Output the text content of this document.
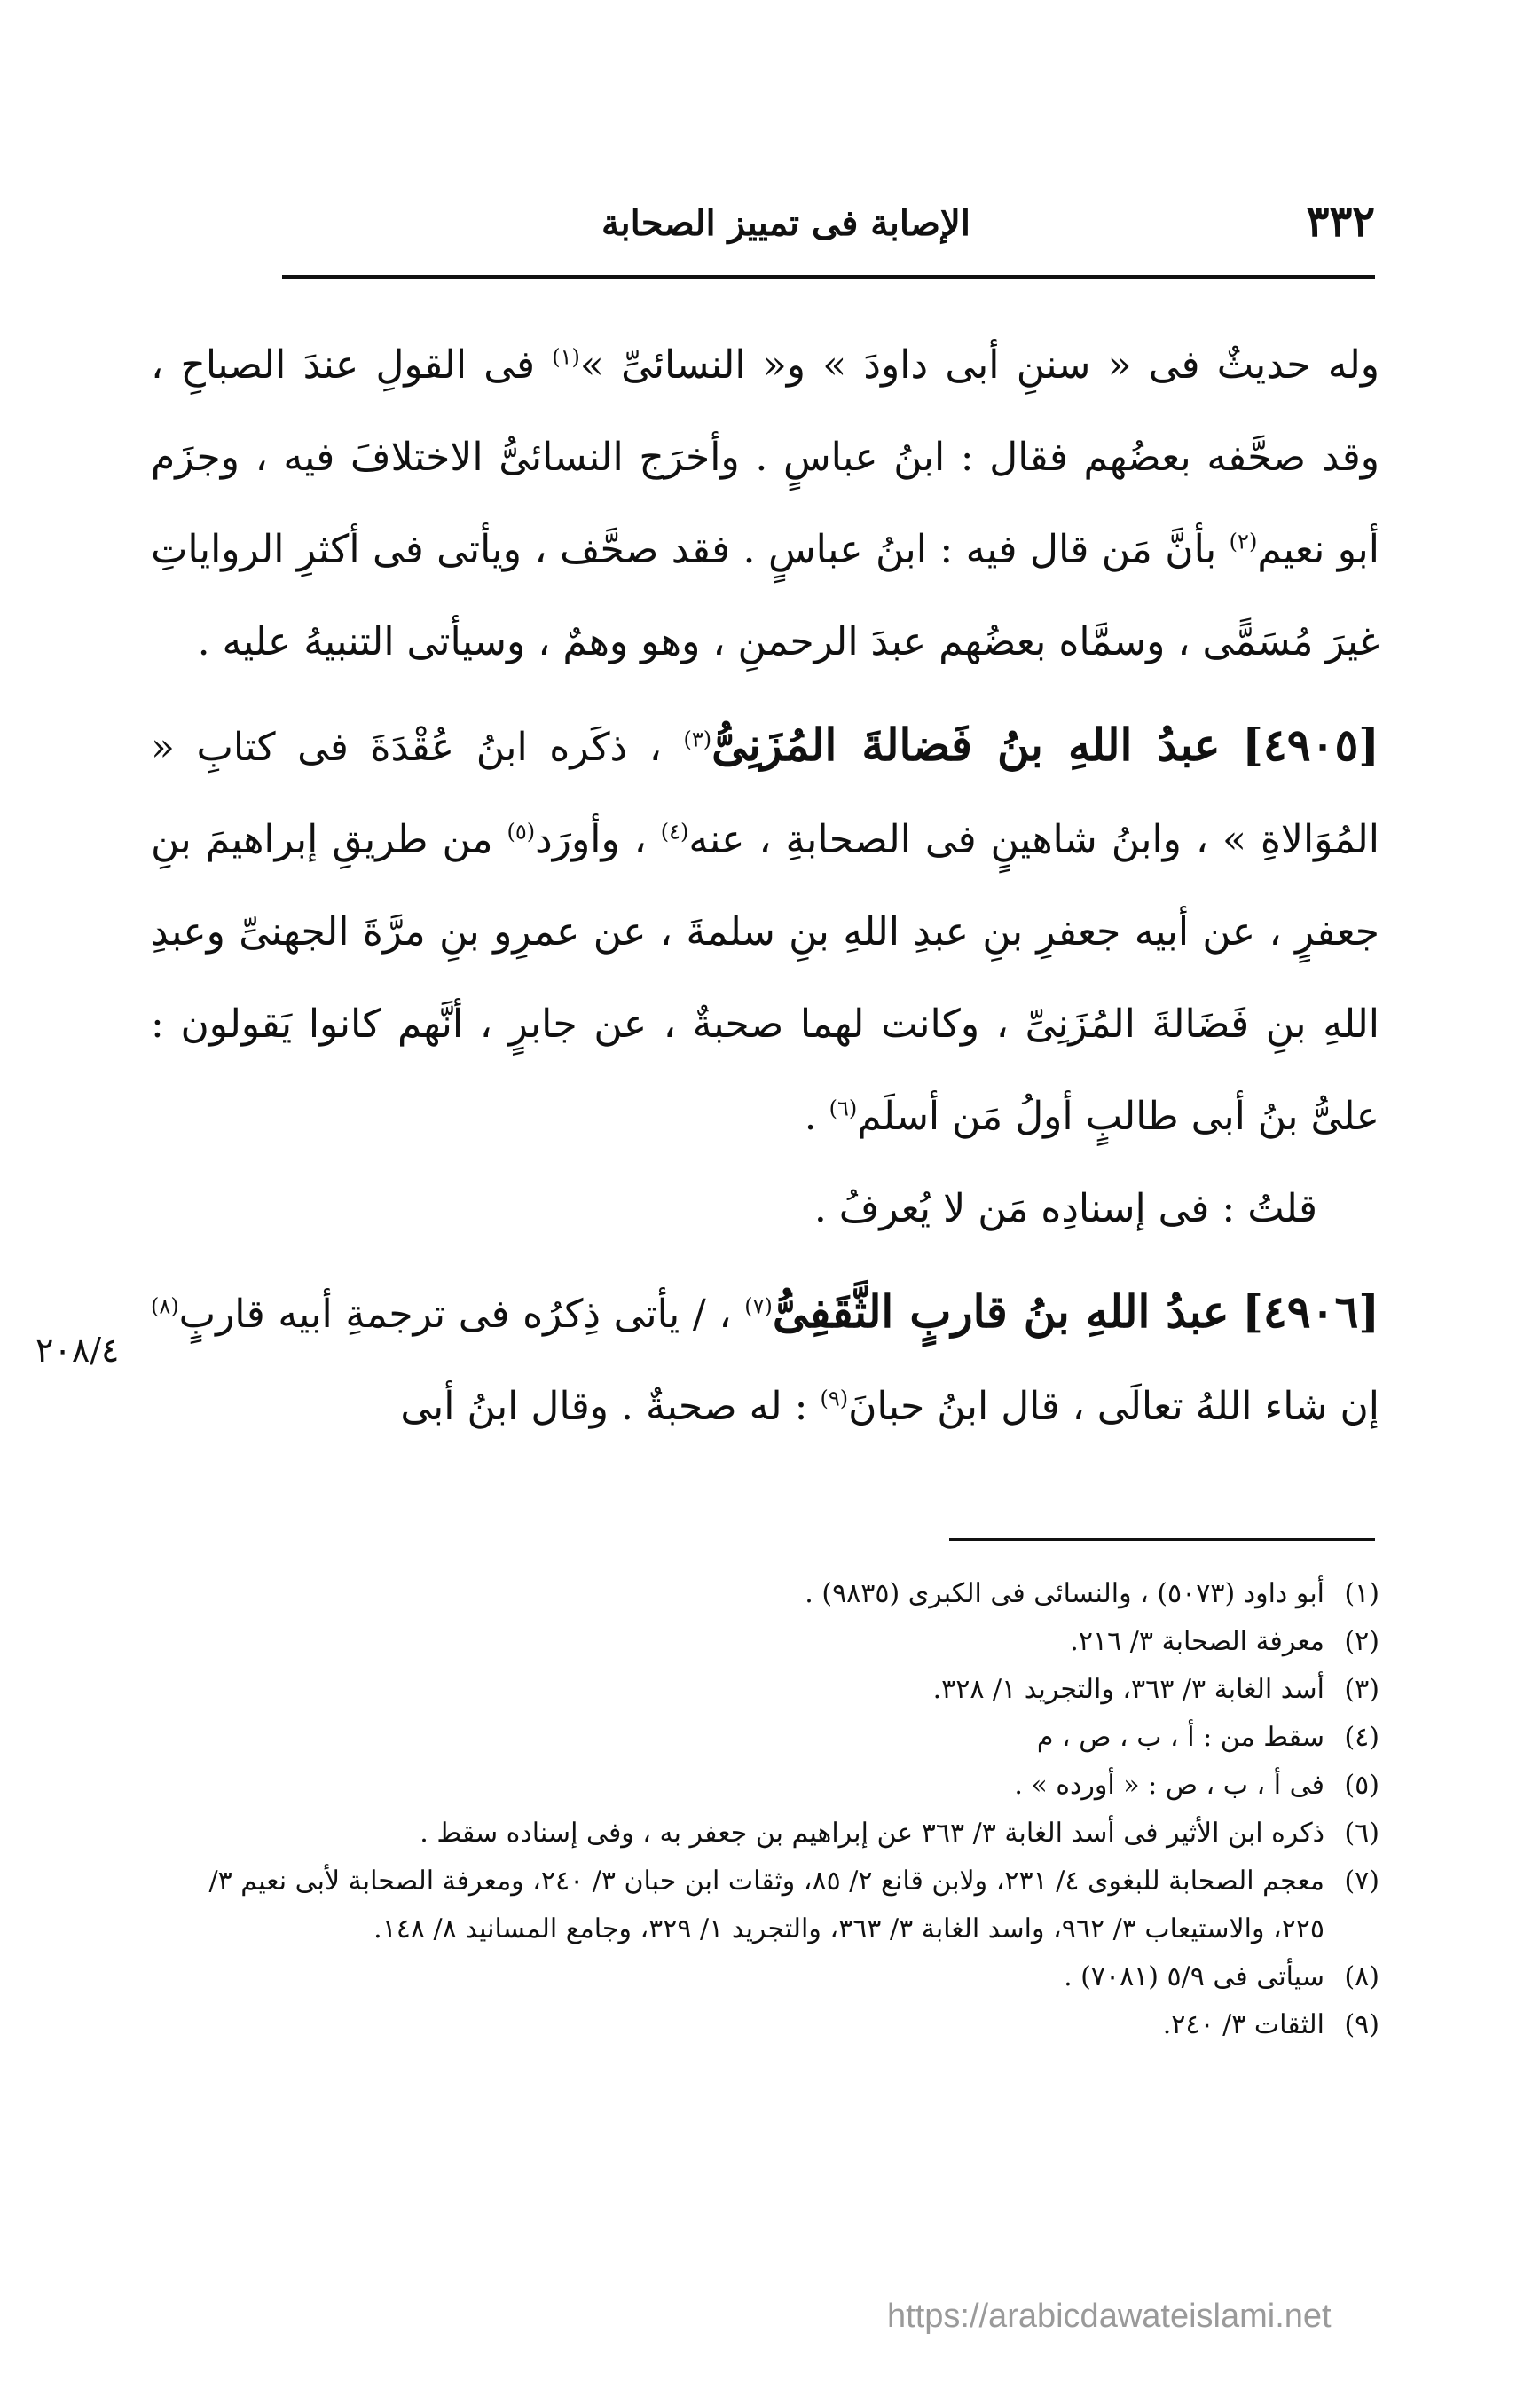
٣٣٢
الإصابة فى تمييز الصحابة

وله حديثٌ فى « سننِ أبى داودَ » و« النسائىِّ »$^{(١)}$ فى القولِ عندَ الصباحِ ، وقد صحَّفه بعضُهم فقال : ابنُ عباسٍ . وأخرَج النسائىُّ الاختلافَ فيه ، وجزَم أبو نعيم$^{(٢)}$ بأنَّ مَن قال فيه : ابنُ عباسٍ . فقد صحَّف ، ويأتى فى أكثرِ الرواياتِ غيرَ مُسَمًّى ، وسمَّاه بعضُهم عبدَ الرحمنِ ، وهو وهمٌ ، وسيأتى التنبيهُ عليه .

[٤٩٠٥] عبدُ اللهِ بنُ فَضالةَ المُزَنِىُّ$^{(٣)}$ ، ذكَره ابنُ عُقْدَةَ فى كتابِ « المُوَالاةِ » ، وابنُ شاهينٍ فى الصحابةِ ، عنه$^{(٤)}$ ، وأورَد$^{(٥)}$ من طريقِ إبراهيمَ بنِ جعفرٍ ، عن أبيه جعفرِ بنِ عبدِ اللهِ بنِ سلمةَ ، عن عمرِو بنِ مرَّةَ الجهنىِّ وعبدِ اللهِ بنِ فَضَالةَ المُزَنِىِّ ، وكانت لهما صحبةٌ ، عن جابرٍ ، أنَّهم كانوا يَقولون : علىُّ بنُ أبى طالبٍ أولُ مَن أسلَم$^{(٦)}$ .

قلتُ : فى إسنادِه مَن لا يُعرفُ .

[٤٩٠٦] عبدُ اللهِ بنُ قاربٍ الثَّقَفِىُّ$^{(٧)}$ ، / يأتى ذِكرُه فى ترجمةِ أبيه قاربٍ$^{(٨)}$ إن شاء اللهُ تعالَى ، قال ابنُ حبانَ$^{(٩)}$ : له صحبةٌ . وقال ابنُ أبى

٢٠٨/٤

(١)أبو داود (٥٠٧٣) ، والنسائى فى الكبرى (٩٨٣٥) .

(٢)معرفة الصحابة ٣/ ٢١٦.

(٣)أسد الغابة ٣/ ٣٦٣، والتجريد ١/ ٣٢٨.

(٤)سقط من : أ ، ب ، ص ، م

(٥)فى أ ، ب ، ص : « أورده » .

(٦)ذكره ابن الأثير فى أسد الغابة ٣/ ٣٦٣ عن إبراهيم بن جعفر به ، وفى إسناده سقط .

(٧)معجم الصحابة للبغوى ٤/ ٢٣١، ولابن قانع ٢/ ٨٥، وثقات ابن حبان ٣/ ٢٤٠، ومعرفة الصحابة لأبى نعيم ٣/ ٢٢٥، والاستيعاب ٣/ ٩٦٢، واسد الغابة ٣/ ٣٦٣، والتجريد ١/ ٣٢٩، وجامع المسانيد ٨/ ١٤٨.

(٨)سيأتى فى ٥/٩ (٧٠٨١) .

(٩)الثقات ٣/ ٢٤٠.

https://arabicdawateislami.net
